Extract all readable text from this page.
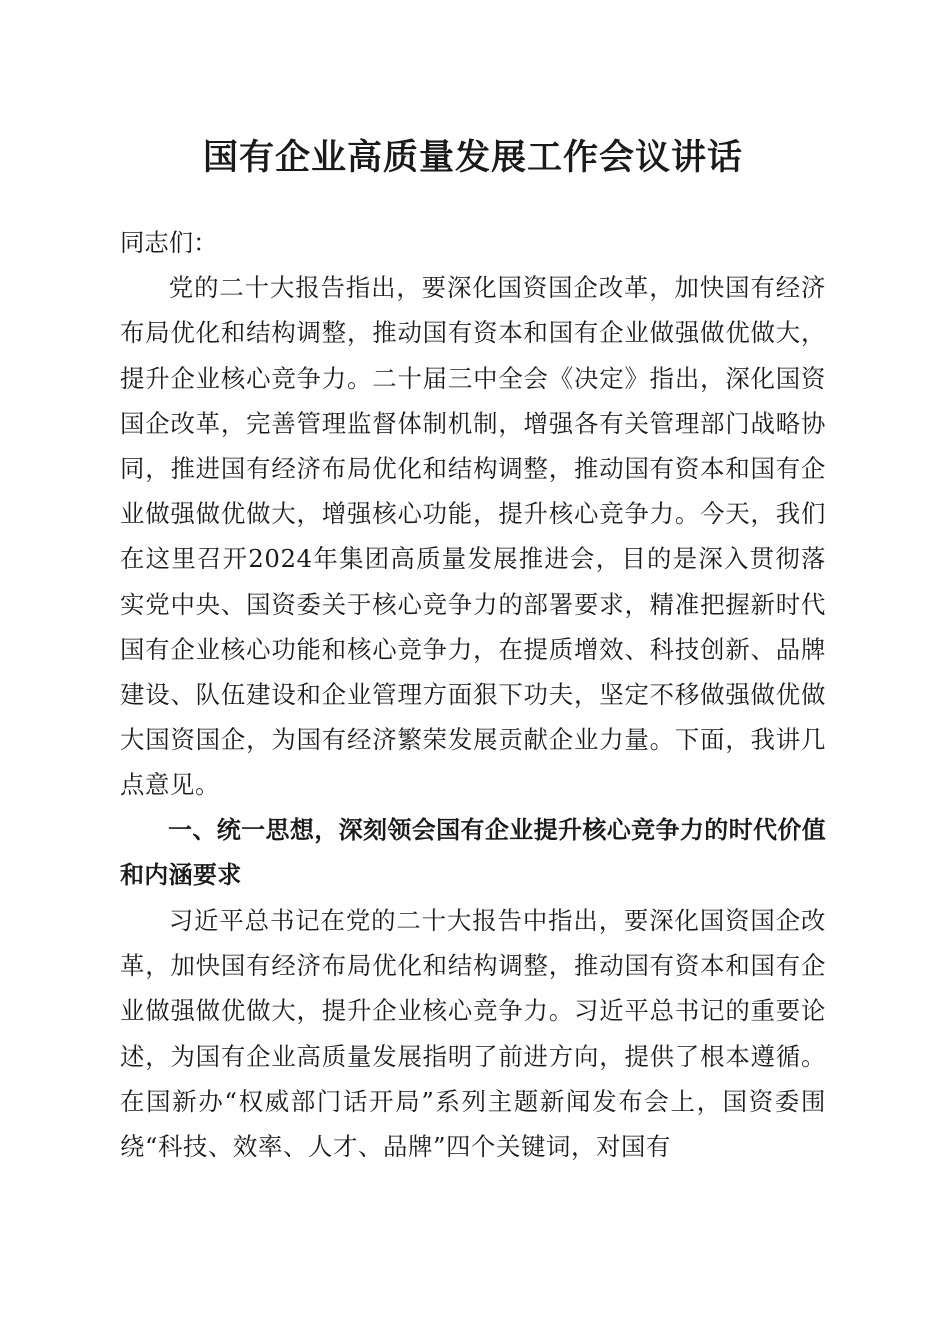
国有企业高质量发展工作会议讲话

同志们：

党的二十大报告指出，要深化国资国企改革，加快国有经济布局优化和结构调整，推动国有资本和国有企业做强做优做大，提升企业核心竞争力。二十届三中全会《决定》指出，深化国资国企改革，完善管理监督体制机制，增强各有关管理部门战略协同，推进国有经济布局优化和结构调整，推动国有资本和国有企业做强做优做大，增强核心功能，提升核心竞争力。今天，我们在这里召开2024年集团高质量发展推进会，目的是深入贯彻落实党中央、国资委关于核心竞争力的部署要求，精准把握新时代国有企业核心功能和核心竞争力，在提质增效、科技创新、品牌建设、队伍建设和企业管理方面狠下功夫，坚定不移做强做优做大国资国企，为国有经济繁荣发展贡献企业力量。下面，我讲几点意见。

一、统一思想，深刻领会国有企业提升核心竞争力的时代价值和内涵要求

习近平总书记在党的二十大报告中指出，要深化国资国企改革，加快国有经济布局优化和结构调整，推动国有资本和国有企业做强做优做大，提升企业核心竞争力。习近平总书记的重要论述，为国有企业高质量发展指明了前进方向，提供了根本遵循。在国新办“权威部门话开局”系列主题新闻发布会上，国资委围绕“科技、效率、人才、品牌”四个关键词，对国有
